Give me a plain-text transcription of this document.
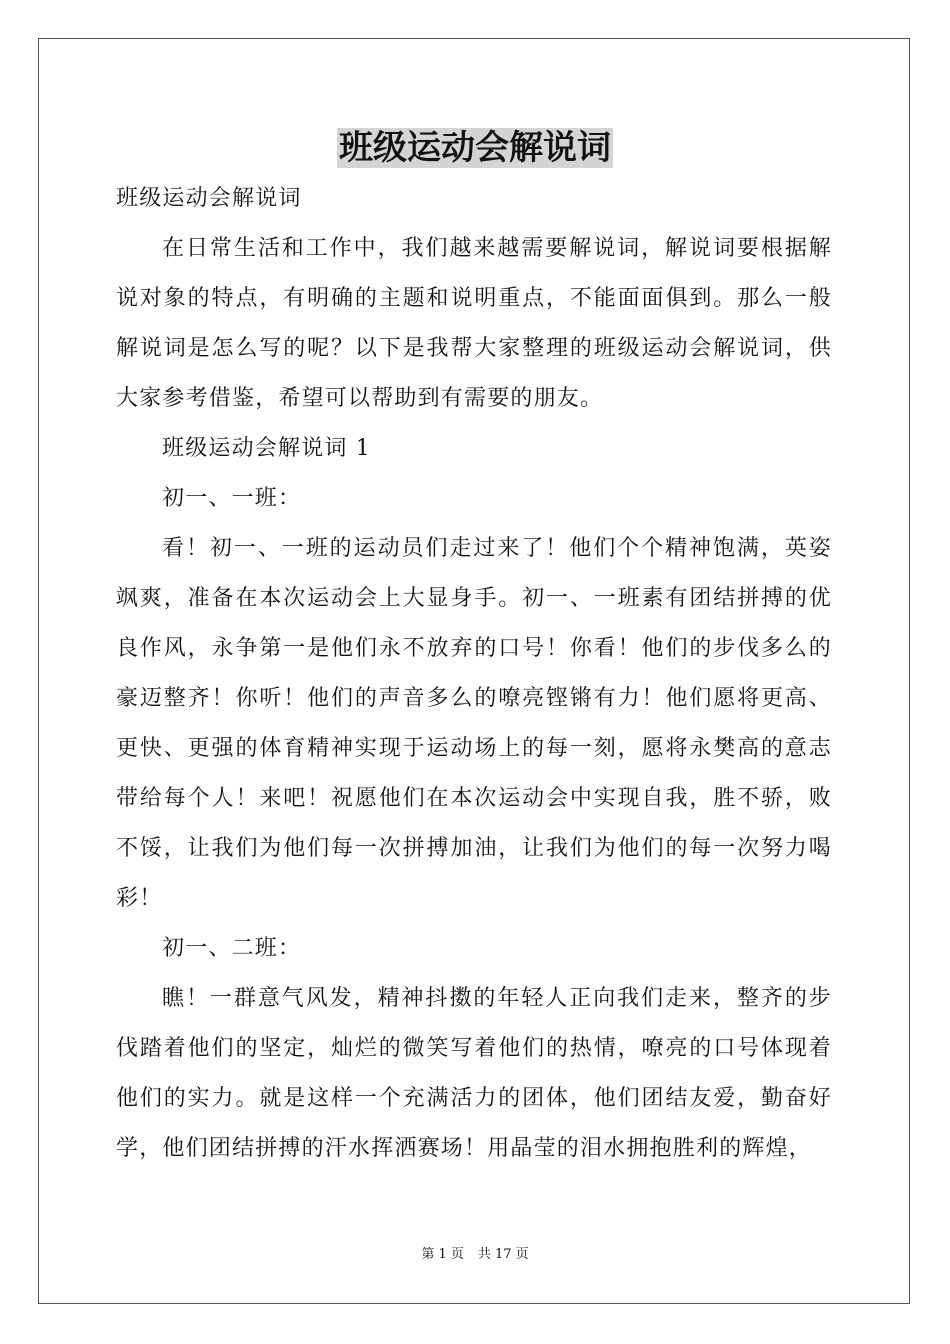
班级运动会解说词

班级运动会解说词

在日常生活和工作中，我们越来越需要解说词，解说词要根据解说对象的特点，有明确的主题和说明重点，不能面面俱到。那么一般解说词是怎么写的呢？以下是我帮大家整理的班级运动会解说词，供大家参考借鉴，希望可以帮助到有需要的朋友。

班级运动会解说词 1

初一、一班：

看！初一、一班的运动员们走过来了！他们个个精神饱满，英姿飒爽，准备在本次运动会上大显身手。初一、一班素有团结拼搏的优良作风，永争第一是他们永不放弃的口号！你看！他们的步伐多么的豪迈整齐！你听！他们的声音多么的嘹亮铿锵有力！他们愿将更高、更快、更强的体育精神实现于运动场上的每一刻，愿将永樊高的意志带给每个人！来吧！祝愿他们在本次运动会中实现自我，胜不骄，败不馁，让我们为他们每一次拼搏加油，让我们为他们的每一次努力喝彩！

初一、二班：

瞧！一群意气风发，精神抖擞的年轻人正向我们走来，整齐的步伐踏着他们的坚定，灿烂的微笑写着他们的热情，嘹亮的口号体现着他们的实力。就是这样一个充满活力的团体，他们团结友爱，勤奋好学，他们团结拼搏的汗水挥洒赛场！用晶莹的泪水拥抱胜利的辉煌，

第 1 页 共 17 页
